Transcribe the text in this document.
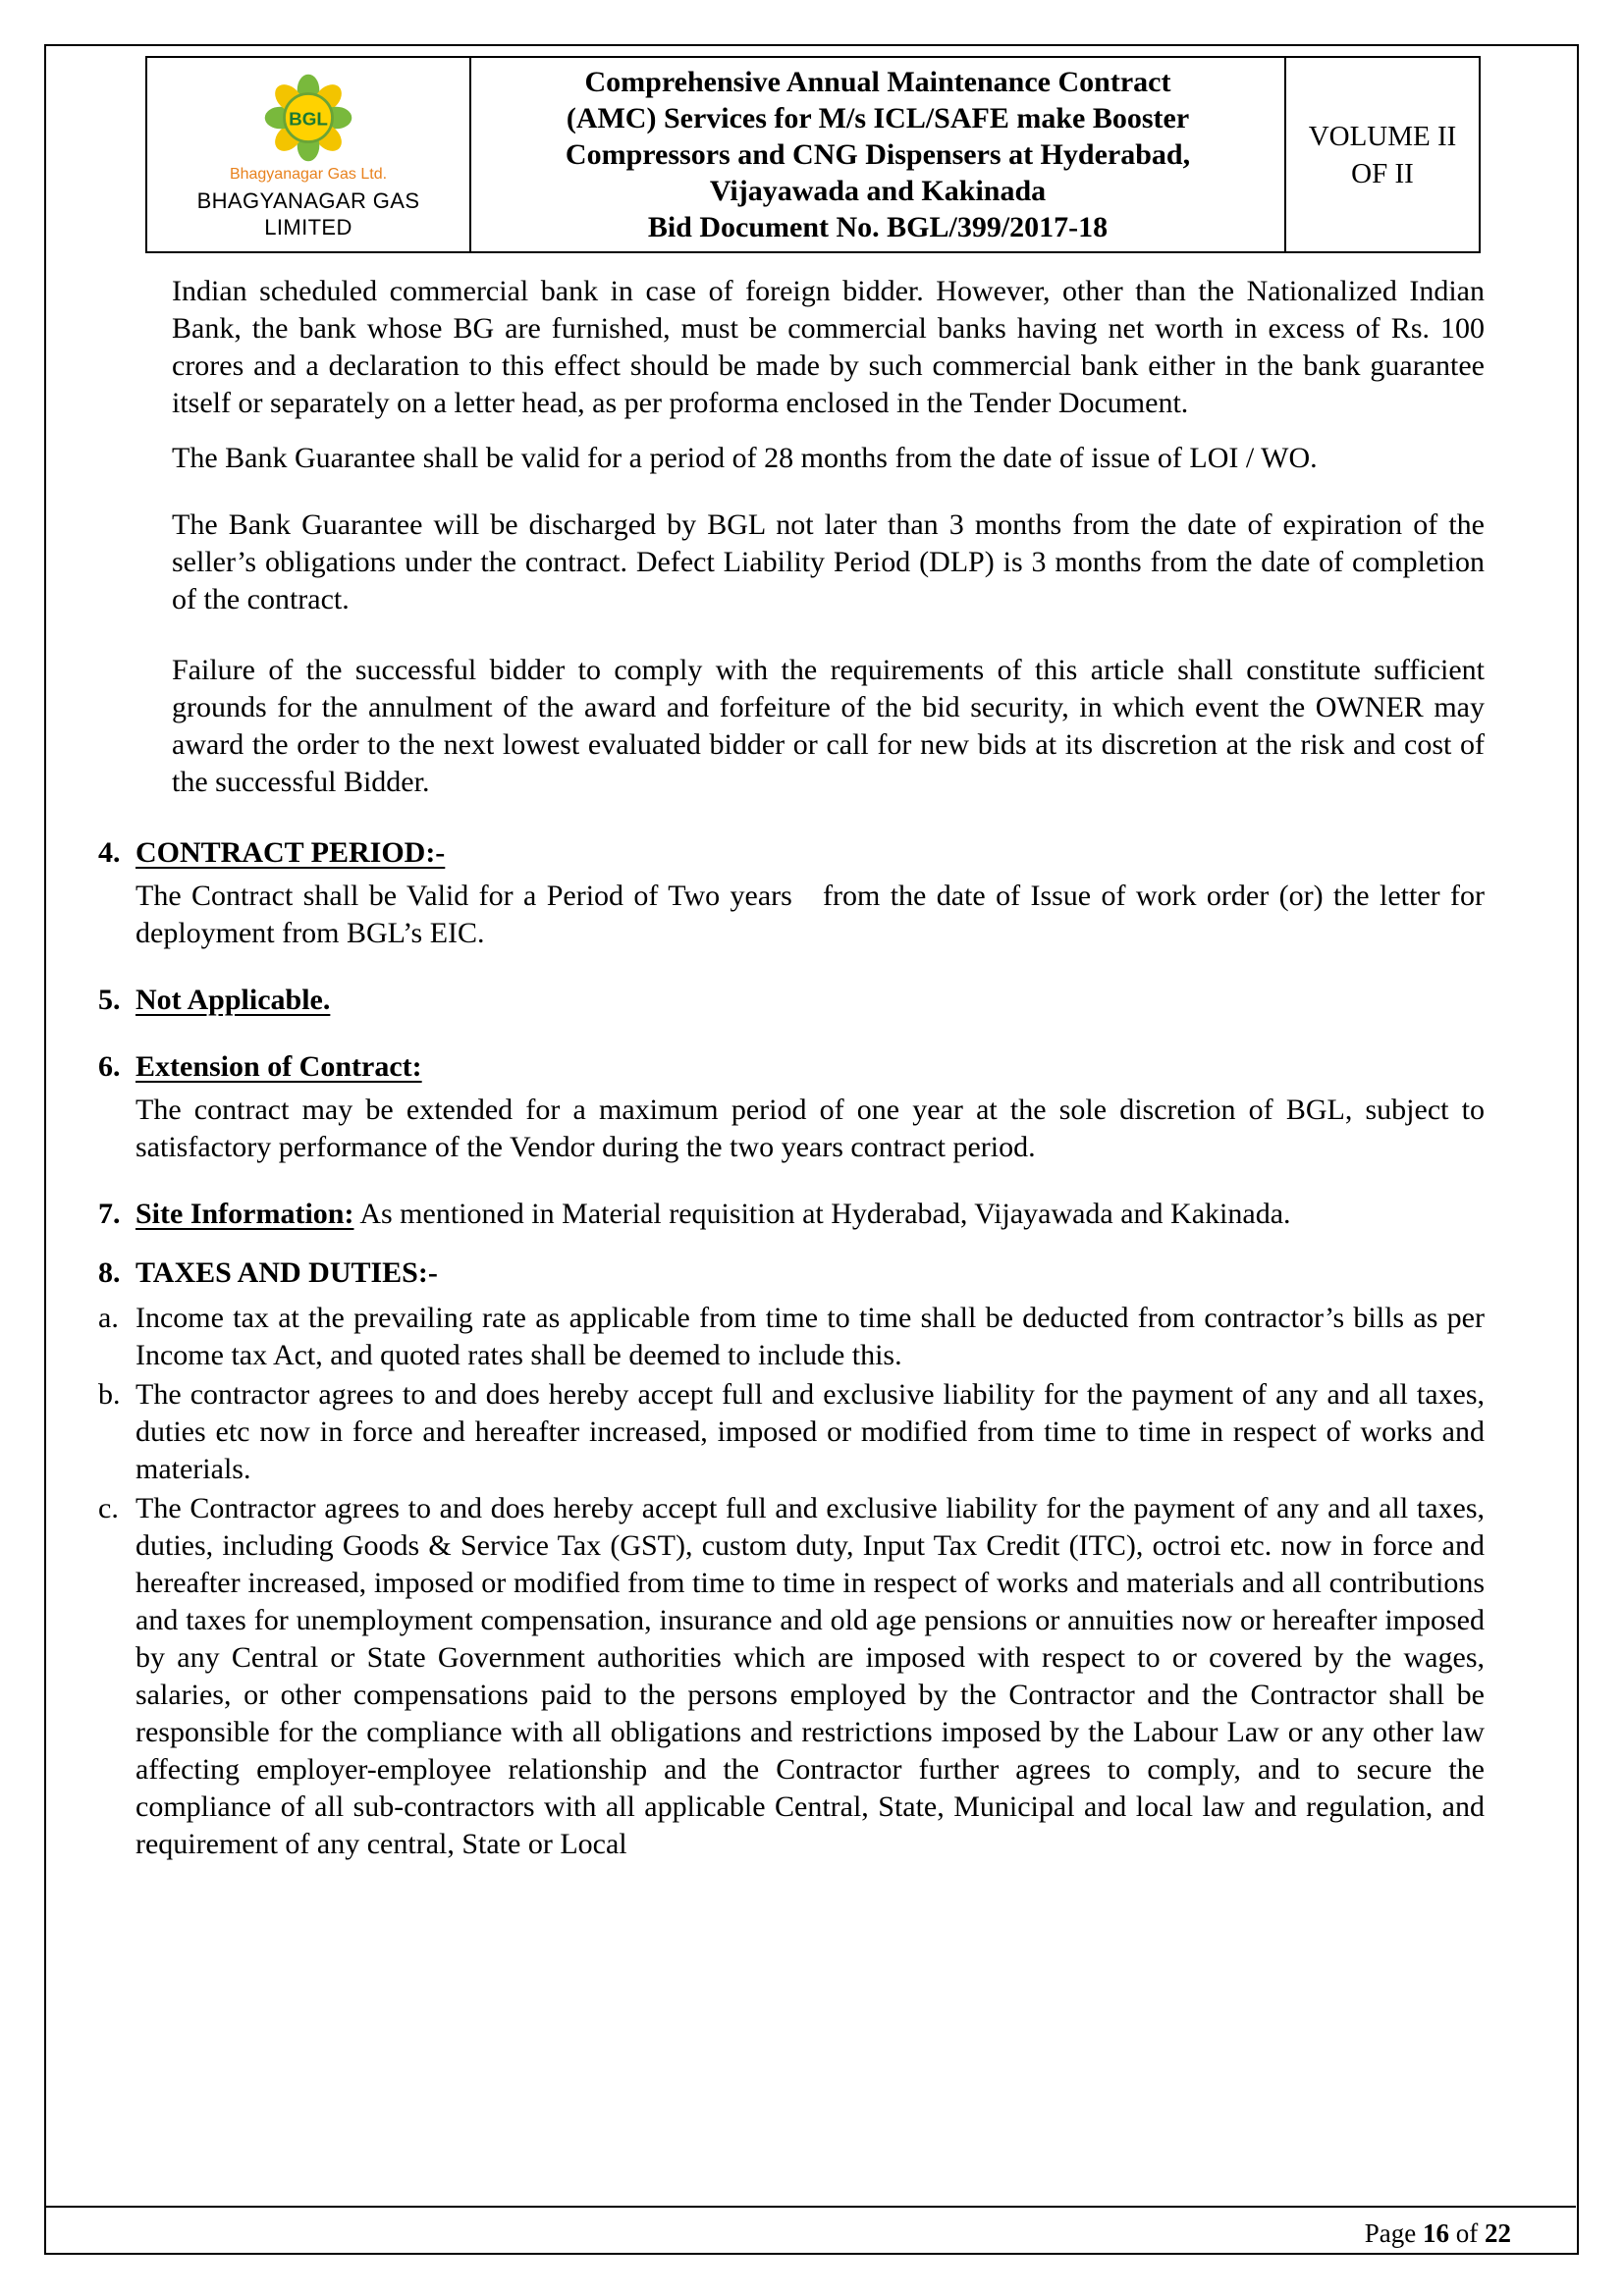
BGL
Bhagyanagar Gas Ltd.
BHAGYANAGAR GAS
LIMITED

Comprehensive Annual Maintenance Contract
(AMC) Services for M/s ICL/SAFE make Booster
Compressors and CNG Dispensers at Hyderabad,
Vijayawada and Kakinada
Bid Document No. BGL/399/2017-18

VOLUME II
OF II

Indian scheduled commercial bank in case of foreign bidder. However, other than the Nationalized Indian Bank, the bank whose BG are furnished, must be commercial banks having net worth in excess of Rs. 100 crores and a declaration to this effect should be made by such commercial bank either in the bank guarantee itself or separately on a letter head, as per proforma enclosed in the Tender Document.

The Bank Guarantee shall be valid for a period of 28 months from the date of issue of LOI / WO.

The Bank Guarantee will be discharged by BGL not later than 3 months from the date of expiration of the seller’s obligations under the contract. Defect Liability Period (DLP) is 3 months from the date of completion of the contract.

Failure of the successful bidder to comply with the requirements of this article shall constitute sufficient grounds for the annulment of the award and forfeiture of the bid security, in which event the OWNER may award the order to the next lowest evaluated bidder or call for new bids at its discretion at the risk and cost of the successful Bidder.

4. CONTRACT PERIOD:-

The Contract shall be Valid for a Period of Two years   from the date of Issue of work order (or) the letter for deployment from BGL’s EIC.

5. Not Applicable.
6. Extension of Contract:

The contract may be extended for a maximum period of one year at the sole discretion of BGL, subject to satisfactory performance of the Vendor during the two years contract period.

7. Site Information: As mentioned in Material requisition at Hyderabad, Vijayawada and Kakinada.

8. TAXES AND DUTIES:-
a. Income tax at the prevailing rate as applicable from time to time shall be deducted from contractor’s bills as per Income tax Act, and quoted rates shall be deemed to include this.

b. The contractor agrees to and does hereby accept full and exclusive liability for the payment of any and all taxes, duties etc now in force and hereafter increased, imposed or modified from time to time in respect of works and materials.

c. The Contractor agrees to and does hereby accept full and exclusive liability for the payment of any and all taxes, duties, including Goods & Service Tax (GST), custom duty, Input Tax Credit (ITC), octroi etc. now in force and hereafter increased, imposed or modified from time to time in respect of works and materials and all contributions and taxes for unemployment compensation, insurance and old age pensions or annuities now or hereafter imposed by any Central or State Government authorities which are imposed with respect to or covered by the wages, salaries, or other compensations paid to the persons employed by the Contractor and the Contractor shall be responsible for the compliance with all obligations and restrictions imposed by the Labour Law or any other law affecting employer-employee relationship and the Contractor further agrees to comply, and to secure the compliance of all sub-contractors with all applicable Central, State, Municipal and local law and regulation, and requirement of any central, State or Local

Page 16 of 22
